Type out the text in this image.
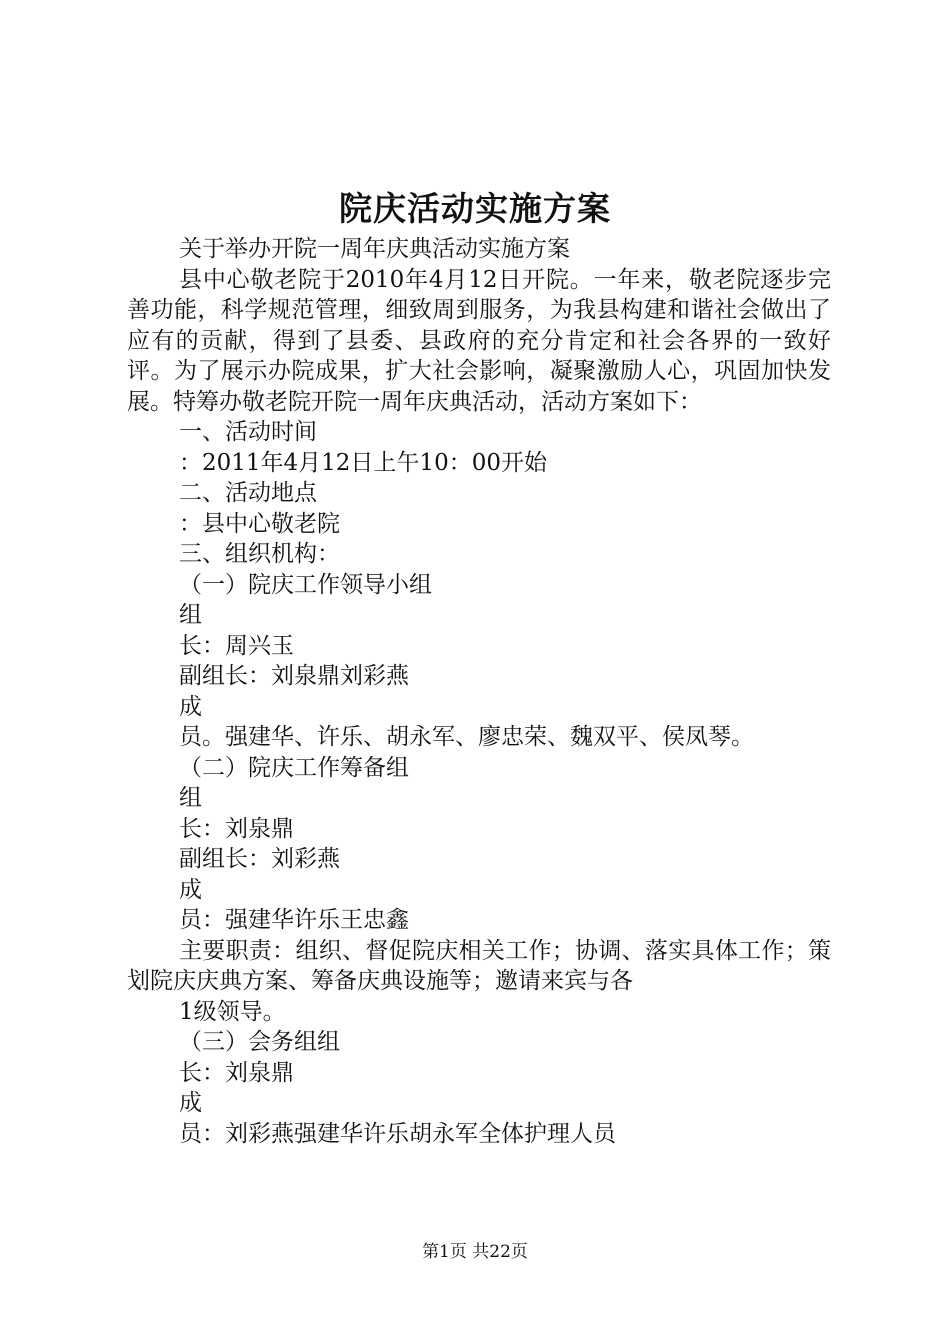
院庆活动实施方案

关于举办开院一周年庆典活动实施方案

县中心敬老院于2010年4月12日开院。一年来，敬老院逐步完善功能，科学规范管理，细致周到服务，为我县构建和谐社会做出了应有的贡献，得到了县委、县政府的充分肯定和社会各界的一致好评。为了展示办院成果，扩大社会影响，凝聚激励人心，巩固加快发展。特筹办敬老院开院一周年庆典活动，活动方案如下：

一、活动时间

：2011年4月12日上午10：00开始

二、活动地点

：县中心敬老院

三、组织机构：

（一）院庆工作领导小组

组

长：周兴玉

副组长：刘泉鼎刘彩燕

成

员。强建华、许乐、胡永军、廖忠荣、魏双平、侯凤琴。

（二）院庆工作筹备组

组

长：刘泉鼎

副组长：刘彩燕

成

员：强建华许乐王忠鑫

主要职责：组织、督促院庆相关工作；协调、落实具体工作；策划院庆庆典方案、筹备庆典设施等；邀请来宾与各

1级领导。

（三）会务组组

长：刘泉鼎

成

员：刘彩燕强建华许乐胡永军全体护理人员

第1页 共22页
